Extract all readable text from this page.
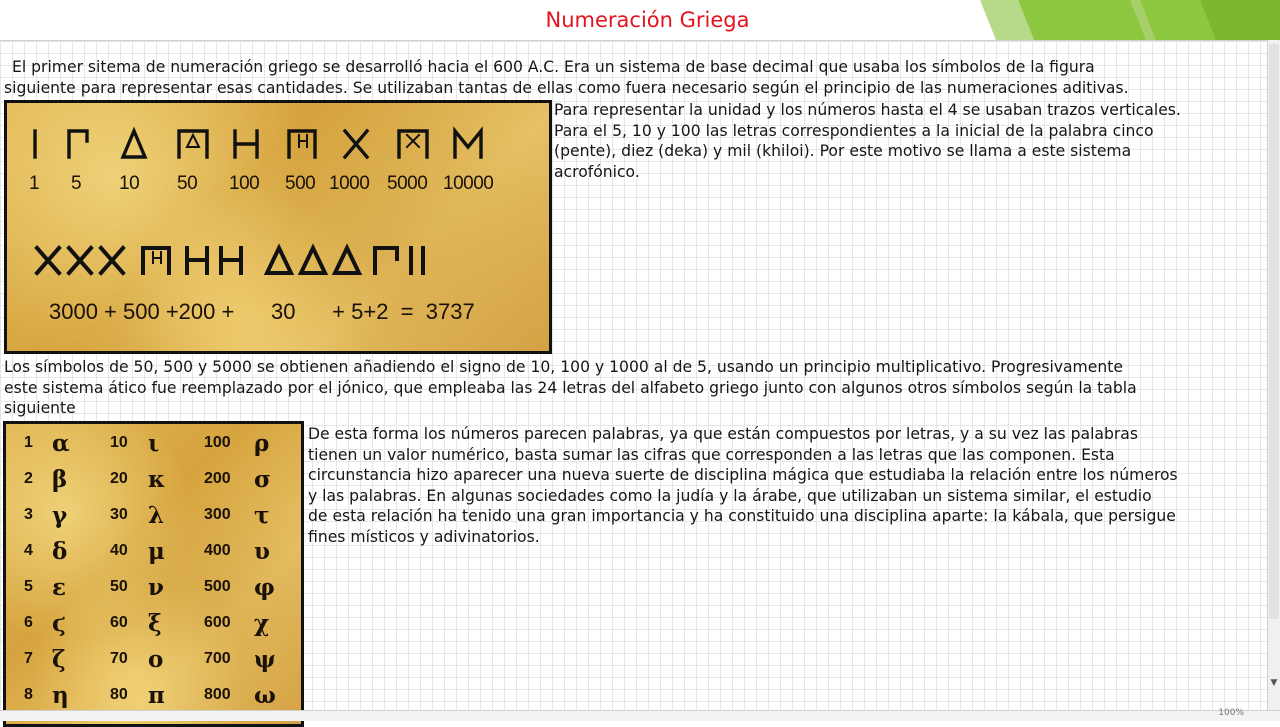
Numeración Griega
▼

El primer sitema de numeración griego se desarrolló hacia el 600 A.C. Era un sistema de base decimal que usaba los símbolos de la figura
siguiente para representar esas cantidades. Se utilizaban tantas de ellas como fuera necesario según el principio de las numeraciones aditivas.

1 5 10 50 100 500 1000 5000 10000
3000 + 500 +200 +      30      + 5+2  =  3737

Para representar la unidad y los números hasta el 4 se usaban trazos verticales.
Para el 5, 10 y 100 las letras correspondientes a la inicial de la palabra cinco
(pente), diez (deka) y mil (khiloi). Por este motivo se llama a este sistema
acrofónico.

Los símbolos de 50, 500 y 5000 se obtienen añadiendo el signo de 10, 100 y 1000 al de 5, usando un principio multiplicativo. Progresivamente
este sistema ático fue reemplazado por el jónico, que empleaba las 24 letras del alfabeto griego junto con algunos otros símbolos según la tabla
siguiente

1 α	10 ι	100 ρ
2 β	20 κ 200 σ
3 γ	30 λ 300 τ
4 δ	40 μ 400 υ
5 ε	50 ν	500 φ
6 ϛ	60 ξ	600 χ
7 ζ	70 ο	700 ψ
8 η	80 π 800 ω

De esta forma los números parecen palabras, ya que están compuestos por letras, y a su vez las palabras
tienen un valor numérico, basta sumar las cifras que corresponden a las letras que las componen. Esta
circunstancia hizo aparecer una nueva suerte de disciplina mágica que estudiaba la relación entre los números
y las palabras. En algunas sociedades como la judía y la árabe, que utilizaban un sistema similar, el estudio
de esta relación ha tenido una gran importancia y ha constituido una disciplina aparte: la kábala, que persigue
fines místicos y adivinatorios.

100%
